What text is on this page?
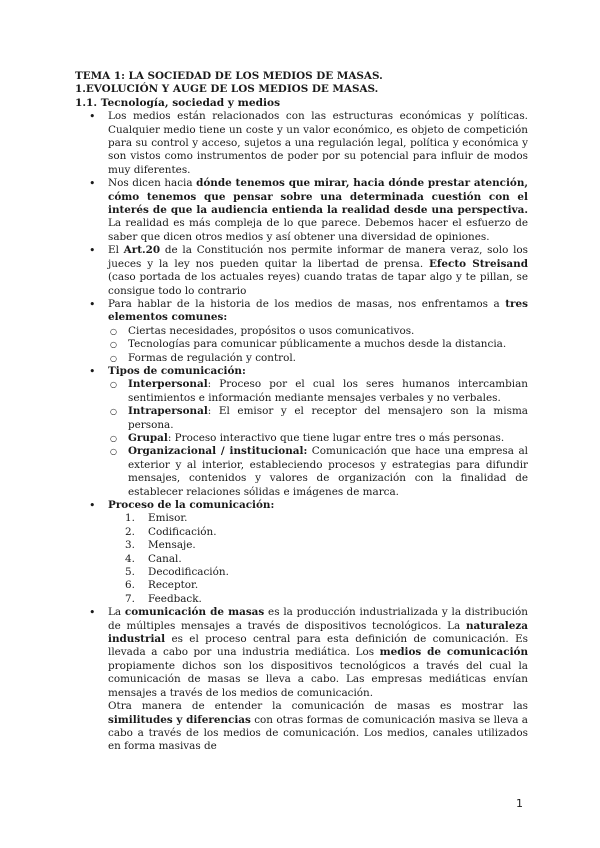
TEMA 1: LA SOCIEDAD DE LOS MEDIOS DE MASAS.

1.EVOLUCIÓN Y AUGE DE LOS MEDIOS DE MASAS.

1.1. Tecnología, sociedad y medios

• Los medios están relacionados con las estructuras económicas y políticas. Cualquier medio tiene un coste y un valor económico, es objeto de competición para su control y acceso, sujetos a una regulación legal, política y económica y son vistos como instrumentos de poder por su potencial para influir de modos muy diferentes.
• Nos dicen hacia dónde tenemos que mirar, hacia dónde prestar atención, cómo tenemos que pensar sobre una determinada cuestión con el interés de que la audiencia entienda la realidad desde una perspectiva. La realidad es más compleja de lo que parece. Debemos hacer el esfuerzo de saber que dicen otros medios y así obtener una diversidad de opiniones.
• El Art.20 de la Constitución nos permite informar de manera veraz, solo los jueces y la ley nos pueden quitar la libertad de prensa. Efecto Streisand (caso portada de los actuales reyes) cuando tratas de tapar algo y te pillan, se consigue todo lo contrario
• Para hablar de la historia de los medios de masas, nos enfrentamos a tres elementos comunes:
○ Ciertas necesidades, propósitos o usos comunicativos.
○ Tecnologías para comunicar públicamente a muchos desde la distancia.
○ Formas de regulación y control.
• Tipos de comunicación:
○ Interpersonal: Proceso por el cual los seres humanos intercambian sentimientos e información mediante mensajes verbales y no verbales.
○ Intrapersonal: El emisor y el receptor del mensajero son la misma persona.
○ Grupal: Proceso interactivo que tiene lugar entre tres o más personas.
○ Organizacional / institucional: Comunicación que hace una empresa al exterior y al interior, estableciendo procesos y estrategias para difundir mensajes, contenidos y valores de organización con la finalidad de establecer relaciones sólidas e imágenes de marca.
• Proceso de la comunicación:
1. Emisor.
2. Codificación.
3. Mensaje.
4. Canal.
5. Decodificación.
6. Receptor.
7. Feedback.

• La comunicación de masas es la producción industrializada y la distribución de múltiples mensajes a través de dispositivos tecnológicos. La naturaleza industrial es el proceso central para esta definición de comunicación. Es llevada a cabo por una industria mediática. Los medios de comunicación propiamente dichos son los dispositivos tecnológicos a través del cual la comunicación de masas se lleva a cabo. Las empresas mediáticas envían mensajes a través de los medios de comunicación.

Otra manera de entender la comunicación de masas es mostrar las similitudes y diferencias con otras formas de comunicación masiva se lleva a cabo a través de los medios de comunicación. Los medios, canales utilizados en forma masivas de

1
